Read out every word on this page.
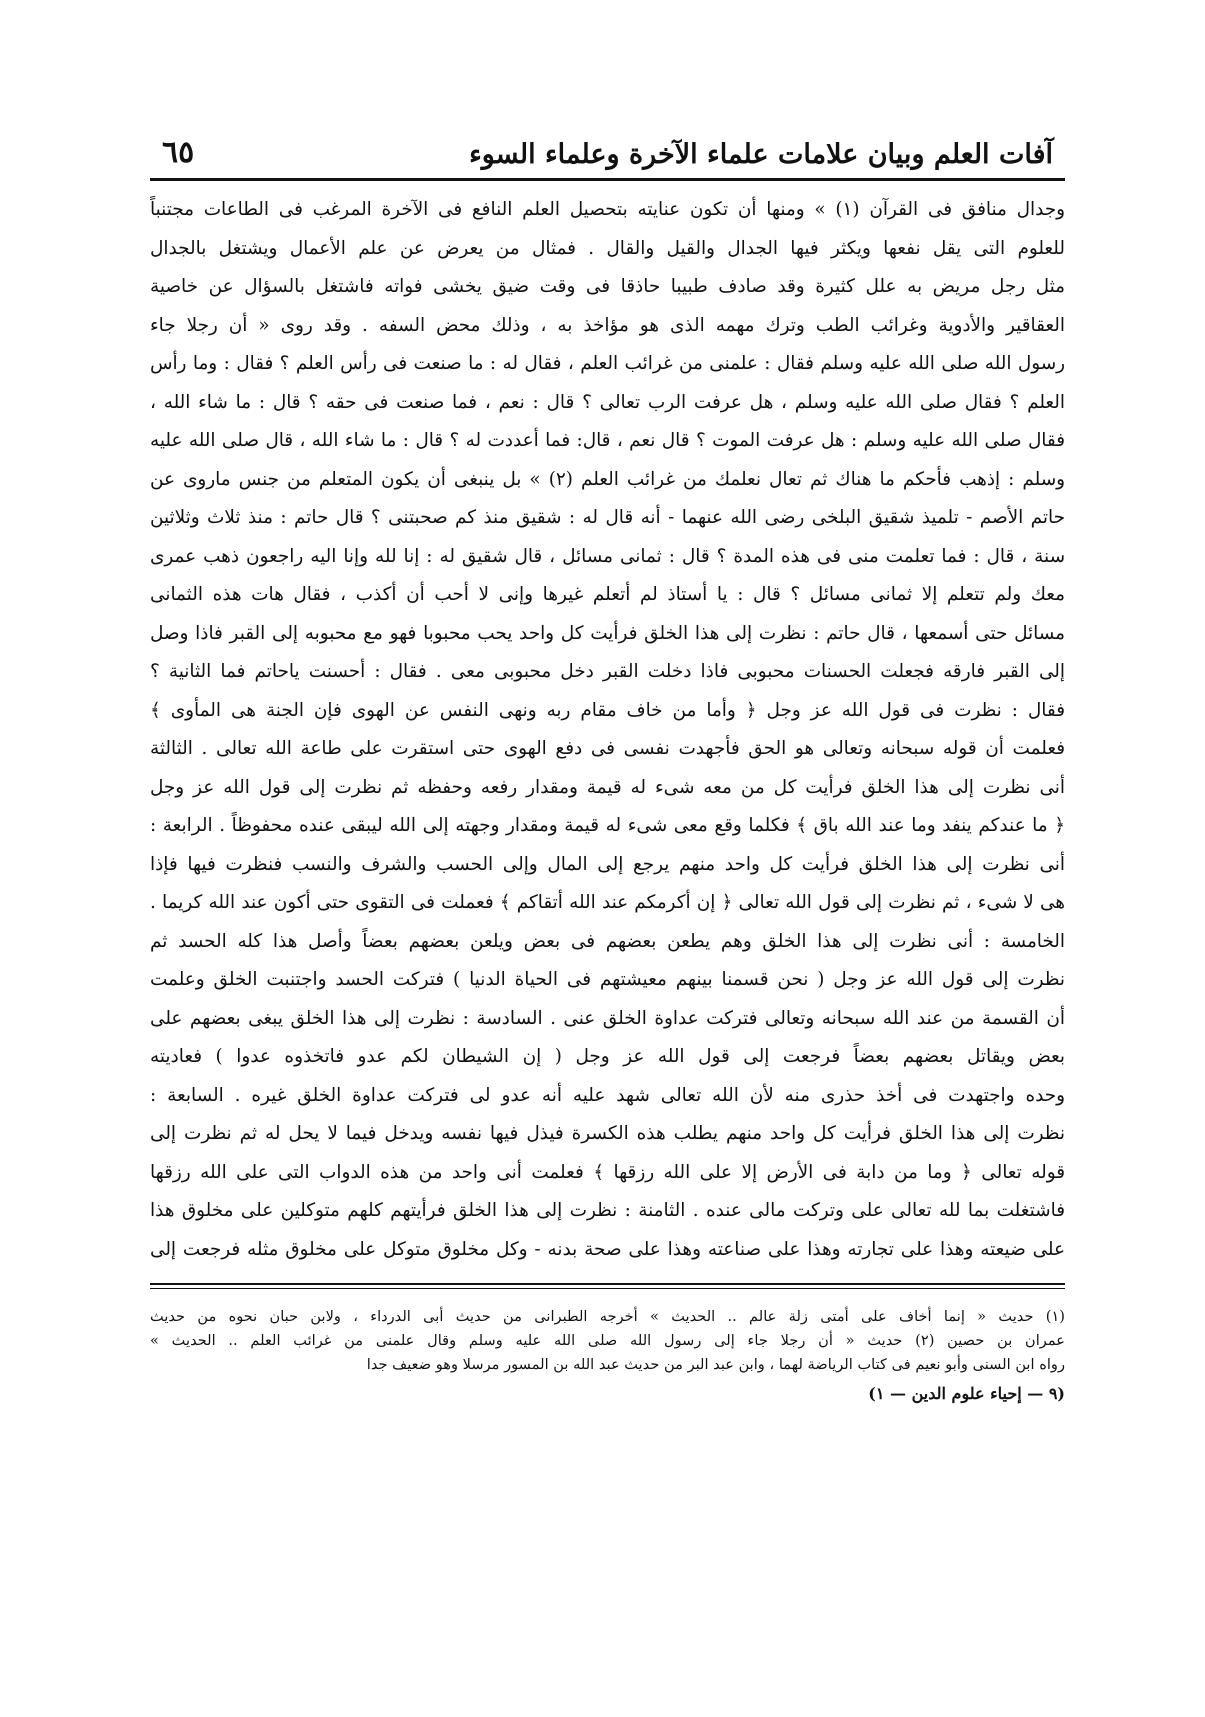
آفات العلم وبيان علامات علماء الآخرة وعلماء السوء
٦٥
وجدال منافق فى القرآن (١) » ومنها أن تكون عنايته بتحصيل العلم النافع فى الآخرة المرغب فى الطاعات مجتنباً
للعلوم التى يقل نفعها ويكثر فيها الجدال والقيل والقال . فمثال من يعرض عن علم الأعمال ويشتغل بالجدال
مثل رجل مريض به علل كثيرة وقد صادف طبيبا حاذقا فى وقت ضيق يخشى فواته فاشتغل بالسؤال عن خاصية
العقاقير والأدوية وغرائب الطب وترك مهمه الذى هو مؤاخذ به ، وذلك محض السفه . وقد روى « أن رجلا جاء
رسول الله صلى الله عليه وسلم فقال : علمنى من غرائب العلم ، فقال له : ما صنعت فى رأس العلم ؟ فقال : وما رأس
العلم ؟ فقال صلى الله عليه وسلم ، هل عرفت الرب تعالى ؟ قال : نعم ، فما صنعت فى حقه ؟ قال : ما شاء الله ،
فقال صلى الله عليه وسلم : هل عرفت الموت ؟ قال نعم ، قال: فما أعددت له ؟ قال : ما شاء الله ، قال صلى الله عليه
وسلم : إذهب فأحكم ما هناك ثم تعال نعلمك من غرائب العلم (٢) » بل ينبغى أن يكون المتعلم من جنس ماروى عن
حاتم الأصم - تلميذ شقيق البلخى رضى الله عنهما - أنه قال له : شقيق منذ كم صحبتنى ؟ قال حاتم : منذ ثلاث وثلاثين
سنة ، قال : فما تعلمت منى فى هذه المدة ؟ قال : ثمانى مسائل ، قال شقيق له : إنا لله وإنا اليه راجعون ذهب عمرى
معك ولم تتعلم إلا ثمانى مسائل ؟ قال : يا أستاذ لم أتعلم غيرها وإنى لا أحب أن أكذب ، فقال هات هذه الثمانى
مسائل حتى أسمعها ، قال حاتم : نظرت إلى هذا الخلق فرأيت كل واحد يحب محبوبا فهو مع محبوبه إلى القبر فاذا وصل
إلى القبر فارقه فجعلت الحسنات محبوبى فاذا دخلت القبر دخل محبوبى معى . فقال : أحسنت ياحاتم فما الثانية ؟
فقال : نظرت فى قول الله عز وجل ﴿ وأما من خاف مقام ربه ونهى النفس عن الهوى فإن الجنة هى المأوى ﴾
فعلمت أن قوله سبحانه وتعالى هو الحق فأجهدت نفسى فى دفع الهوى حتى استقرت على طاعة الله تعالى . الثالثة
أنى نظرت إلى هذا الخلق فرأيت كل من معه شىء له قيمة ومقدار رفعه وحفظه ثم نظرت إلى قول الله عز وجل
﴿ ما عندكم ينفد وما عند الله باق ﴾ فكلما وقع معى شىء له قيمة ومقدار وجهته إلى الله ليبقى عنده محفوظاً . الرابعة :
أنى نظرت إلى هذا الخلق فرأيت كل واحد منهم يرجع إلى المال وإلى الحسب والشرف والنسب فنظرت فيها فإذا
هى لا شىء ، ثم نظرت إلى قول الله تعالى ﴿ إن أكرمكم عند الله أتقاكم ﴾ فعملت فى التقوى حتى أكون عند الله كريما .
الخامسة : أنى نظرت إلى هذا الخلق وهم يطعن بعضهم فى بعض ويلعن بعضهم بعضاً وأصل هذا كله الحسد ثم
نظرت إلى قول الله عز وجل ( نحن قسمنا بينهم معيشتهم فى الحياة الدنيا ) فتركت الحسد واجتنبت الخلق وعلمت
أن القسمة من عند الله سبحانه وتعالى فتركت عداوة الخلق عنى . السادسة : نظرت إلى هذا الخلق يبغى بعضهم على
بعض ويقاتل بعضهم بعضاً فرجعت إلى قول الله عز وجل ( إن الشيطان لكم عدو فاتخذوه عدوا ) فعاديته
وحده واجتهدت فى أخذ حذرى منه لأن الله تعالى شهد عليه أنه عدو لى فتركت عداوة الخلق غيره . السابعة :
نظرت إلى هذا الخلق فرأيت كل واحد منهم يطلب هذه الكسرة فيذل فيها نفسه ويدخل فيما لا يحل له ثم نظرت إلى
قوله تعالى ﴿ وما من دابة فى الأرض إلا على الله رزقها ﴾ فعلمت أنى واحد من هذه الدواب التى على الله رزقها
فاشتغلت بما لله تعالى على وتركت مالى عنده . الثامنة : نظرت إلى هذا الخلق فرأيتهم كلهم متوكلين على مخلوق هذا
على ضيعته وهذا على تجارته وهذا على صناعته وهذا على صحة بدنه - وكل مخلوق متوكل على مخلوق مثله فرجعت إلى
(١) حديث « إنما أخاف على أمتى زلة عالم .. الحديث » أخرجه الطبرانى من حديث أبى الدرداء ، ولابن حبان نحوه من حديث
عمران بن حصين (٢) حديث « أن رجلا جاء إلى رسول الله صلى الله عليه وسلم وقال علمنى من غرائب العلم .. الحديث »
رواه ابن السنى وأبو نعيم فى كتاب الرياضة لهما ، وابن عبد البر من حديث عبد الله بن المسور مرسلا وهو ضعيف جدا
(٩ — إحياء علوم الدين — ١)
